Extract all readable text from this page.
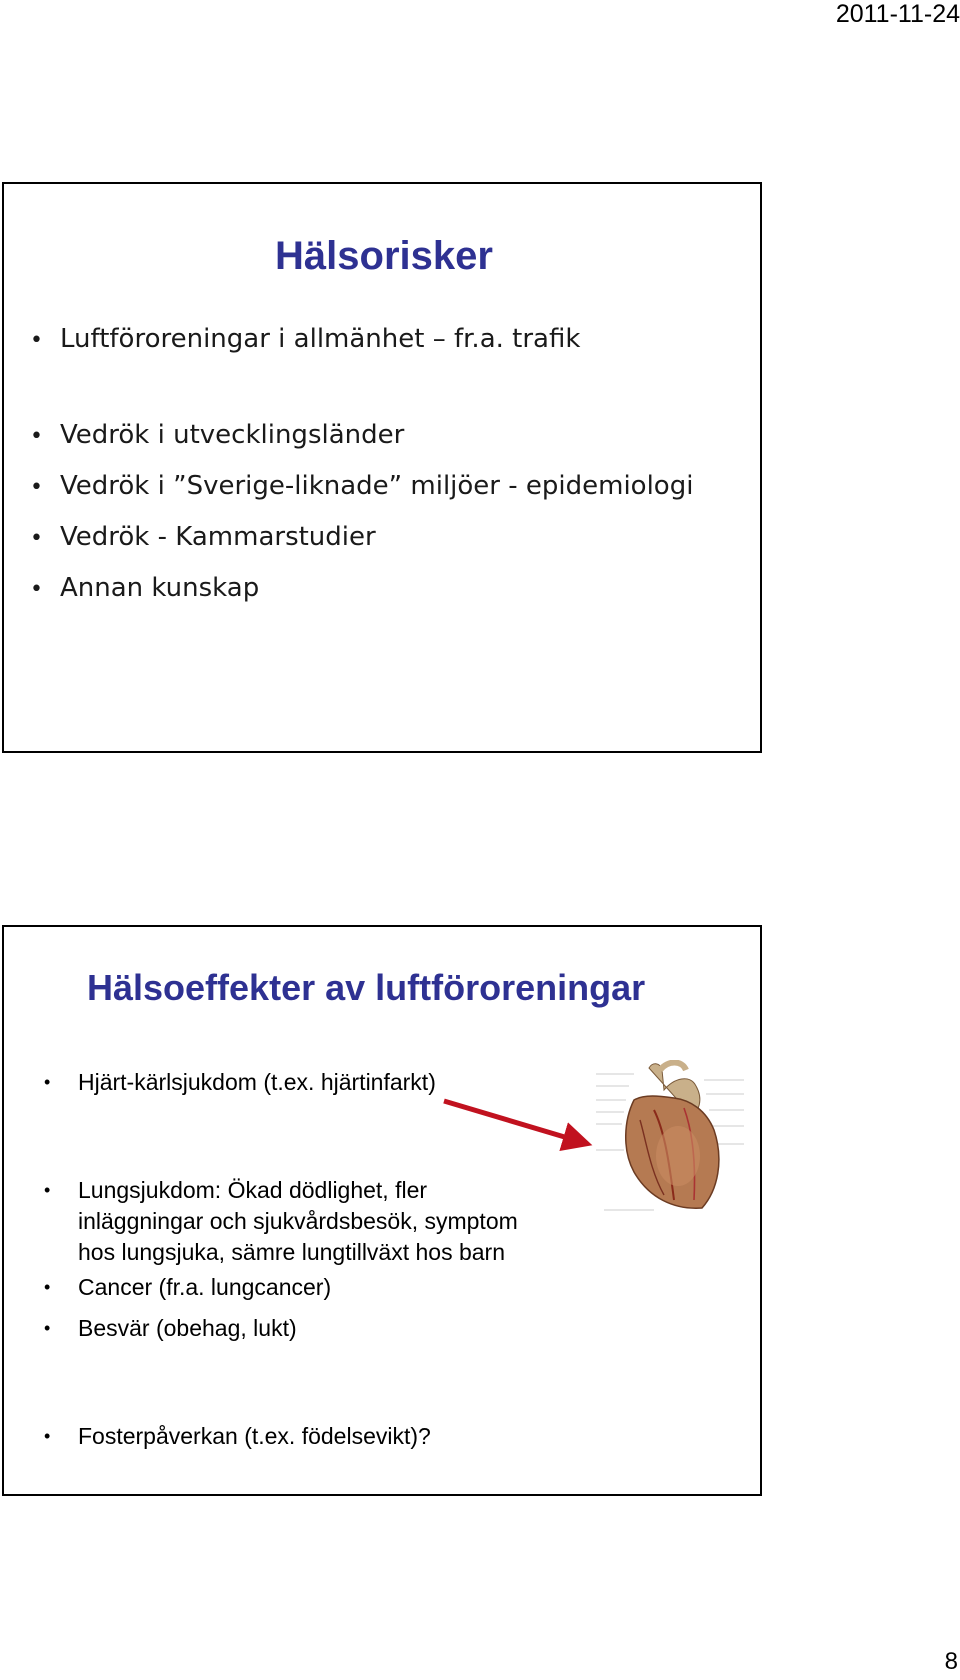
2011-11-24
Hälsorisker
• Luftföroreningar i allmänhet – fr.a. trafik
• Vedrök i utvecklingsländer
• Vedrök i ”Sverige-liknade” miljöer - epidemiologi
• Vedrök - Kammarstudier
• Annan kunskap
Hälsoeffekter av luftföroreningar
• Hjärt-kärlsjukdom (t.ex. hjärtinfarkt)
• Lungsjukdom: Ökad dödlighet, fler
inläggningar och sjukvårdsbesök, symptom
hos lungsjuka, sämre lungtillväxt hos barn
• Cancer (fr.a. lungcancer)
• Besvär (obehag, lukt)
• Fosterpåverkan (t.ex. födelsevikt)?
8
